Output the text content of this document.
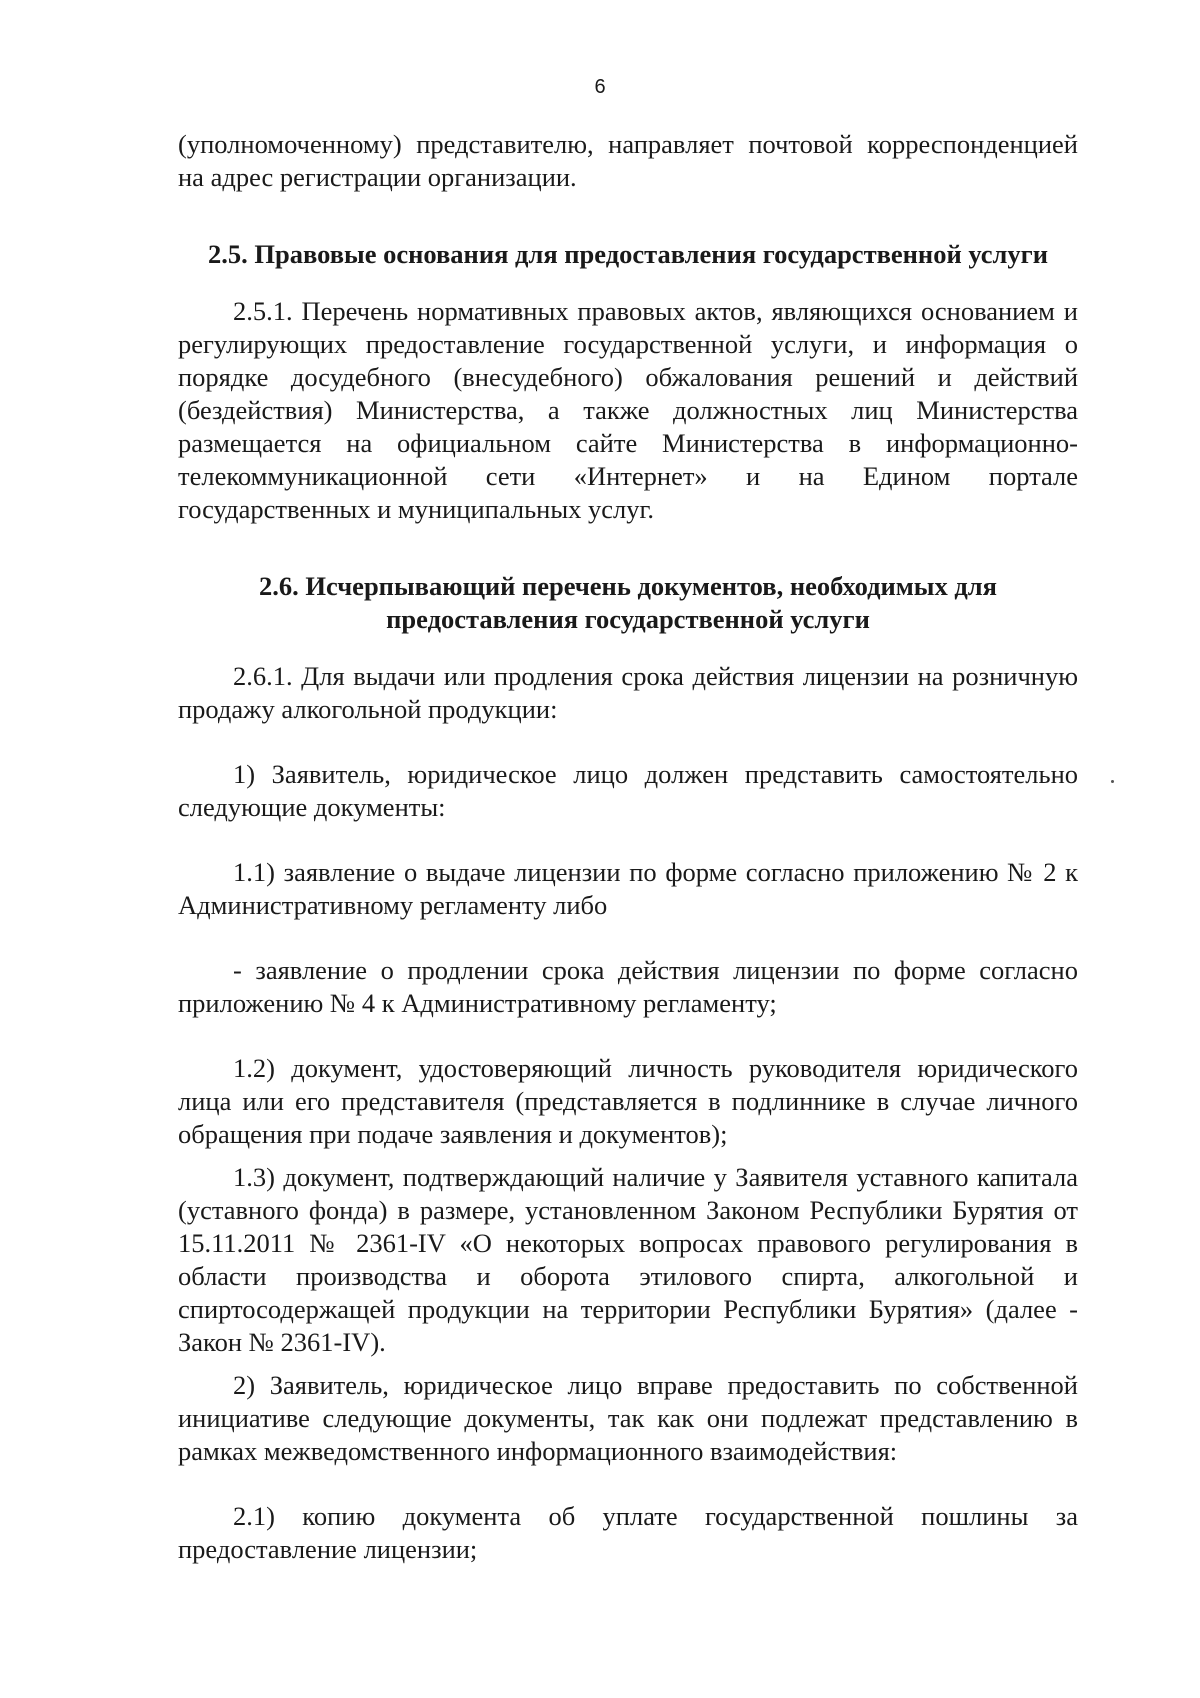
6

(уполномоченному) представителю, направляет почтовой корреспонденцией на адрес регистрации организации.

2.5. Правовые основания для предоставления государственной услуги

2.5.1. Перечень нормативных правовых актов, являющихся основанием и регулирующих предоставление государственной услуги, и информация о порядке досудебного (внесудебного) обжалования решений и действий (бездействия) Министерства, а также должностных лиц Министерства размещается на официальном сайте Министерства в информационно-телекоммуникационной сети «Интернет» и на Едином портале государственных и муниципальных услуг.

2.6. Исчерпывающий перечень документов, необходимых для
предоставления государственной услуги

2.6.1. Для выдачи или продления срока действия лицензии на розничную продажу алкогольной продукции:

1) Заявитель, юридическое лицо должен представить самостоятельно следующие документы:

1.1) заявление о выдаче лицензии по форме согласно приложению № 2 к Административному регламенту либо

- заявление о продлении срока действия лицензии по форме согласно приложению № 4 к Административному регламенту;

1.2) документ, удостоверяющий личность руководителя юридического лица или его представителя (представляется в подлиннике в случае личного обращения при подаче заявления и документов);

1.3) документ, подтверждающий наличие у Заявителя уставного капитала (уставного фонда) в размере, установленном Законом Республики Бурятия от 15.11.2011 № 2361-IV «О некоторых вопросах правового регулирования в области производства и оборота этилового спирта, алкогольной и спиртосодержащей продукции на территории Республики Бурятия» (далее - Закон № 2361-IV).

2) Заявитель, юридическое лицо вправе предоставить по собственной инициативе следующие документы, так как они подлежат представлению в рамках межведомственного информационного взаимодействия:

2.1) копию документа об уплате государственной пошлины за предоставление лицензии;
